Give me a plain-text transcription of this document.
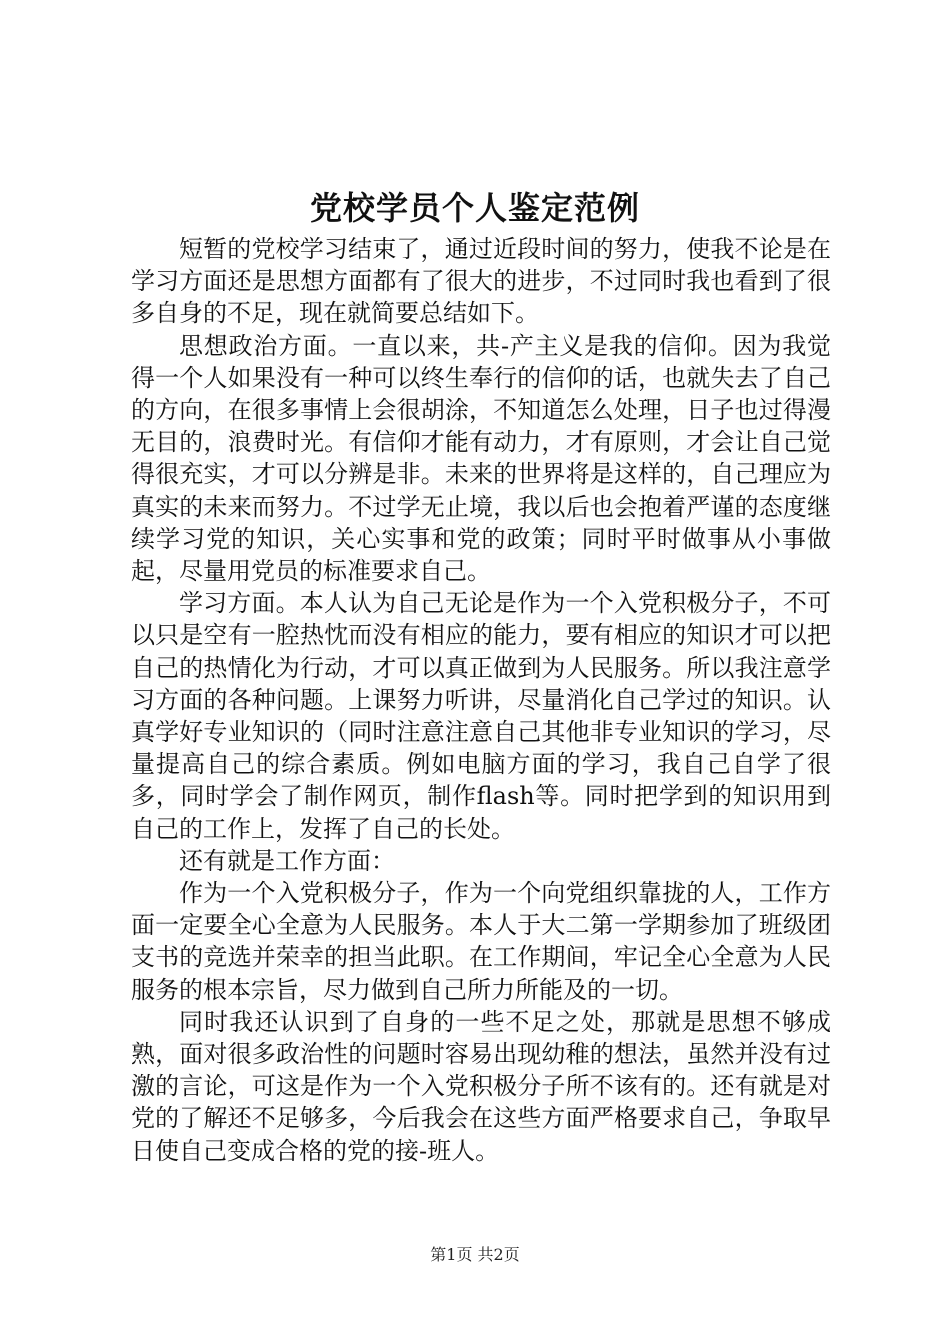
党校学员个人鉴定范例

短暂的党校学习结束了，通过近段时间的努力，使我不论是在学习方面还是思想方面都有了很大的进步，不过同时我也看到了很多自身的不足，现在就简要总结如下。

思想政治方面。一直以来，共-产主义是我的信仰。因为我觉得一个人如果没有一种可以终生奉行的信仰的话，也就失去了自己的方向，在很多事情上会很胡涂，不知道怎么处理，日子也过得漫无目的，浪费时光。有信仰才能有动力，才有原则，才会让自己觉得很充实，才可以分辨是非。未来的世界将是这样的，自己理应为真实的未来而努力。不过学无止境，我以后也会抱着严谨的态度继续学习党的知识，关心实事和党的政策；同时平时做事从小事做起，尽量用党员的标准要求自己。

学习方面。本人认为自己无论是作为一个入党积极分子，不可以只是空有一腔热忱而没有相应的能力，要有相应的知识才可以把自己的热情化为行动，才可以真正做到为人民服务。所以我注意学习方面的各种问题。上课努力听讲，尽量消化自己学过的知识。认真学好专业知识的（同时注意注意自己其他非专业知识的学习，尽量提高自己的综合素质。例如电脑方面的学习，我自己自学了很多，同时学会了制作网页，制作flash等。同时把学到的知识用到自己的工作上，发挥了自己的长处。

还有就是工作方面：

作为一个入党积极分子，作为一个向党组织靠拢的人，工作方面一定要全心全意为人民服务。本人于大二第一学期参加了班级团支书的竞选并荣幸的担当此职。在工作期间，牢记全心全意为人民服务的根本宗旨，尽力做到自己所力所能及的一切。

同时我还认识到了自身的一些不足之处，那就是思想不够成熟，面对很多政治性的问题时容易出现幼稚的想法，虽然并没有过激的言论，可这是作为一个入党积极分子所不该有的。还有就是对党的了解还不足够多，今后我会在这些方面严格要求自己，争取早日使自己变成合格的党的接-班人。

第1页 共2页
